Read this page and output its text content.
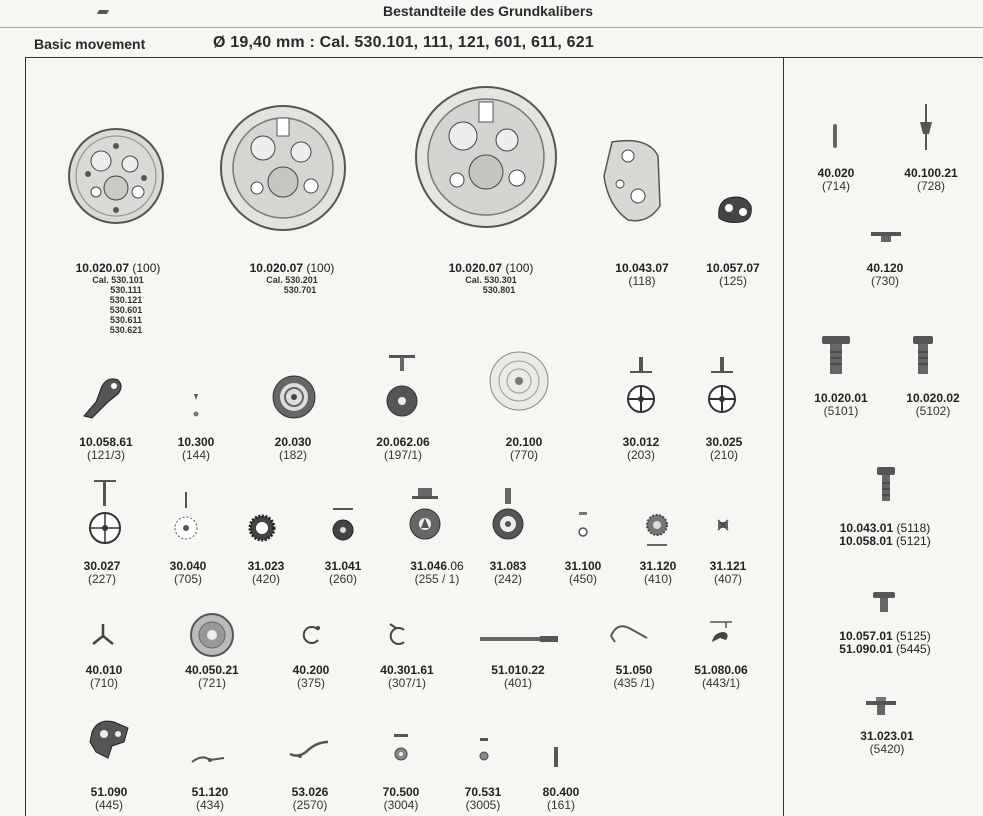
Bestandteile des Grundkalibers
Basic movement	Ø 19,40 mm : Cal. 530.101, 111, 121, 601, 611, 621
10.020.07 (100)
Cal. 530.101
530.111
530.121
530.601
530.611
530.621
10.020.07 (100)
Cal. 530.201
530.701
10.020.07 (100)
Cal. 530.301
530.801
10.043.07
(118)
10.057.07
(125)
10.058.61
(121/3)
10.300
(144)
20.030
(182)
20.062.06
(197/1)
20.100
(770)
30.012
(203)
30.025
(210)
30.027
(227)
30.040
(705)
31.023
(420)
31.041
(260)
31.046.06
(255 / 1)
31.083
(242)
31.100
(450)
31.120
(410)
31.121
(407)
40.010
(710)
40.050.21
(721)
40.200
(375)
40.301.61
(307/1)
51.010.22
(401)
51.050
(435 /1)
51.080.06
(443/1)
51.090
(445)
51.120
(434)
53.026
(2570)
70.500
(3004)
70.531
(3005)
80.400
(161)
40.020
(714)
40.100.21
(728)
40.120
(730)
10.020.01
(5101)
10.020.02
(5102)
10.043.01 (5118)
10.058.01 (5121)
10.057.01 (5125)
51.090.01 (5445)
31.023.01
(5420)
